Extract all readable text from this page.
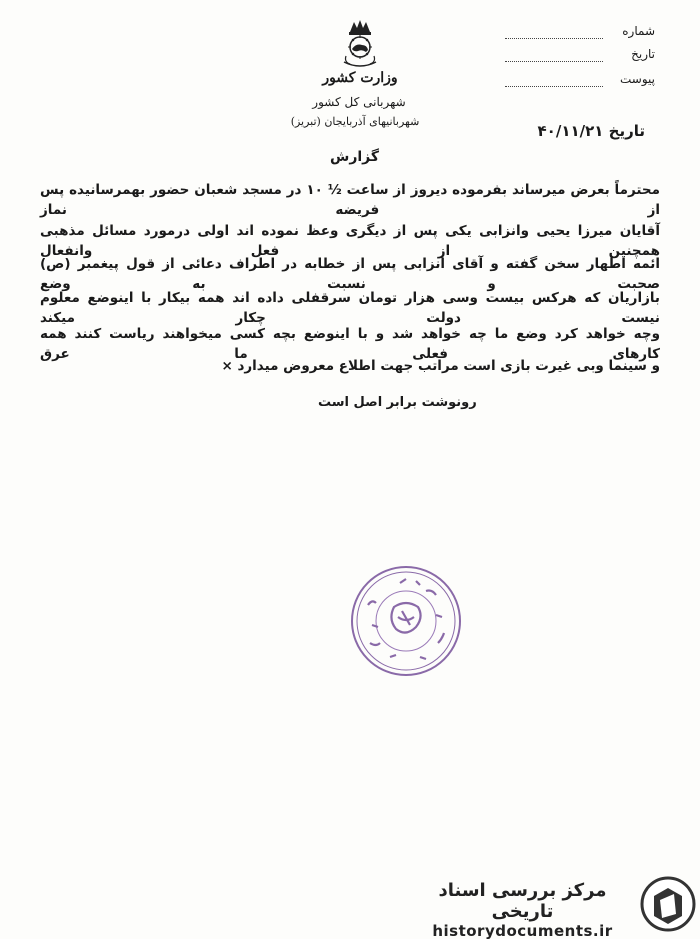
شماره
تاریخ
پیوست
وزارت کشور
شهربانی کل کشور
شهربانیهای آذربایجان (تبریز)
تاریخ ۴۰/۱۱/۲۱
گزارش
محترماً بعرض میرساند بفرموده دیروز از ساعت ½ ۱۰ در مسجد شعبان حضور بهمرسانیده پس از فریضه نماز
آقایان میرزا یحیی وانزابی یکی پس از دیگری وعظ نموده اند اولی درمورد مسائل مذهبی همچنین از فعل وانفعال
ائمه اطهار سخن گفته و آقای انزابی پس از خطابه در اطراف دعائی از قول پیغمبر (ص) صحبت و نسبت به وضع
بازاریان که هرکس بیست وسی هزار تومان سرقفلی داده اند همه بیکار با اینوضع معلوم نیست دولت چکار میکند
وچه خواهد کرد وضع ما چه خواهد شد و با اینوضع بچه کسی میخواهند ریاست کنند همه کارهای فعلی ما عرق
و سینما وبی غیرت بازی است مراتب جهت اطلاع معروض میدارد ×
رونوشت برابر اصل است
مرکز بررسی اسناد تاریخی
historydocuments.ir
